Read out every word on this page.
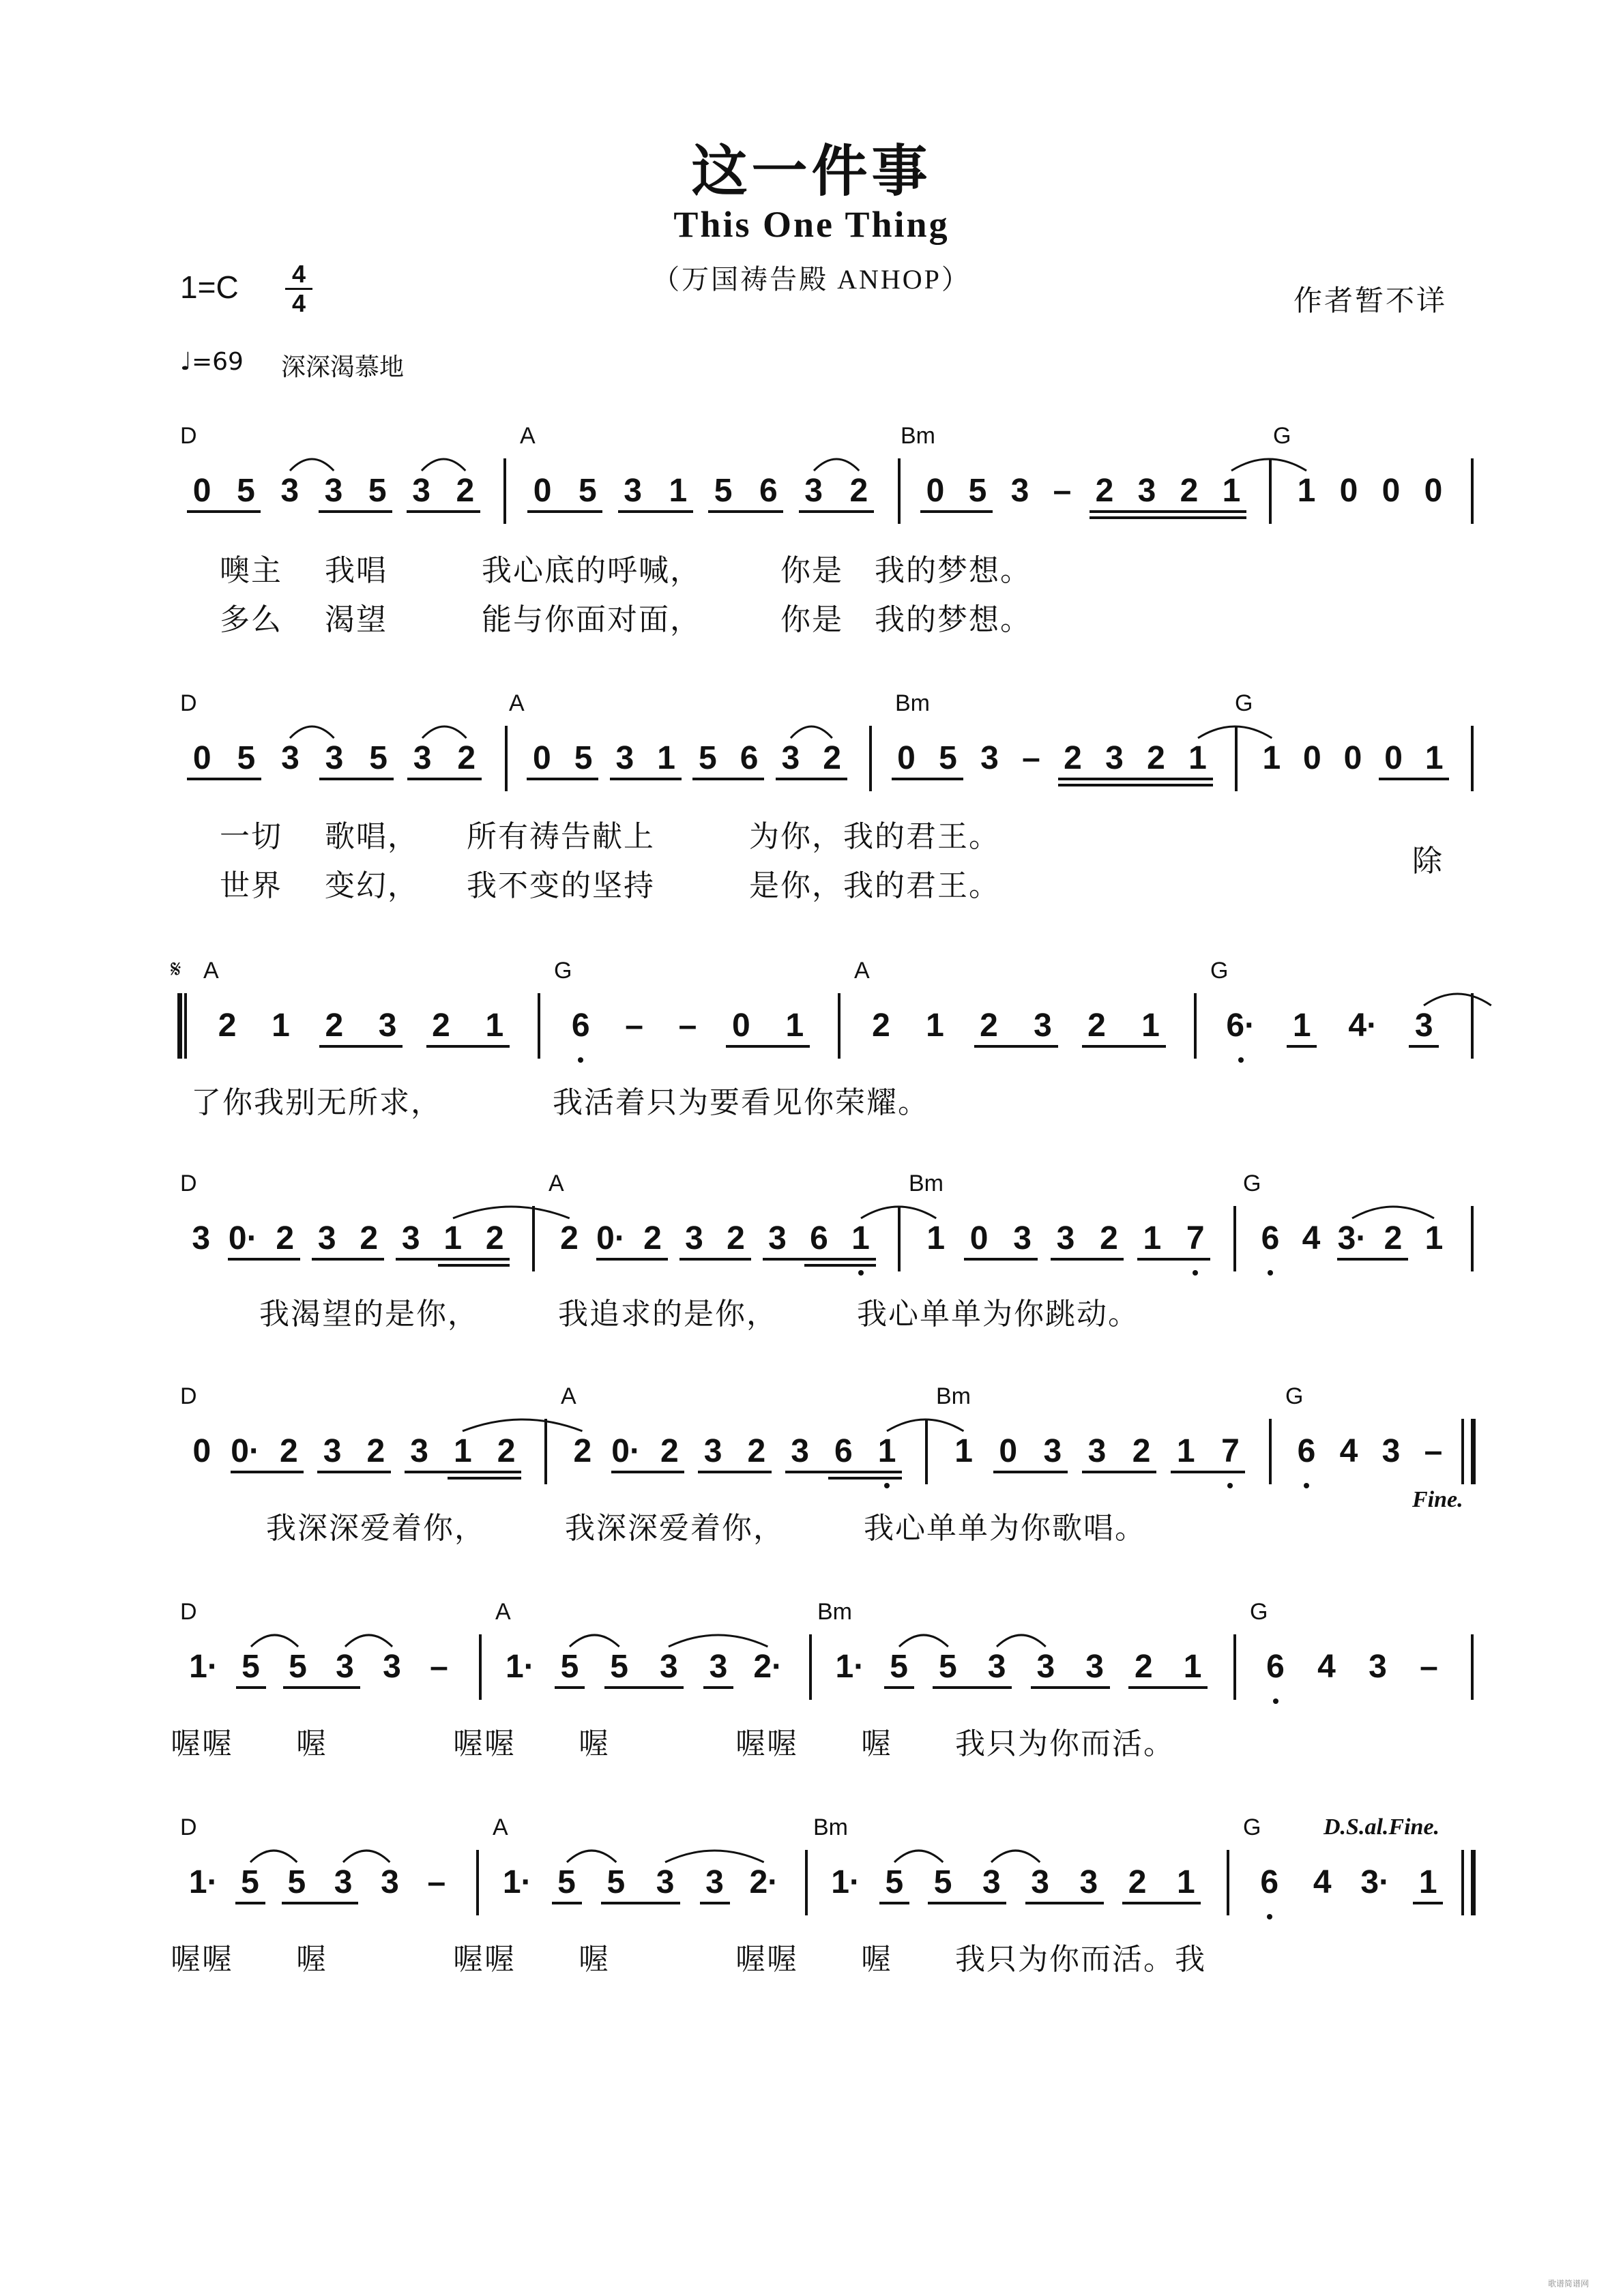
这一件事
This One Thing
（万国祷告殿 ANHOP）
作者暂不详
1=C 4
4
♩=69 深深渴慕地
D	A	Bm	G
0 5 3 3 5 3 2 0 5 3 1 5 6 3 2 0 5 3 – 2 3 2 1 1 0 0 0
噢主　 我唱　　　我心底的呼喊，　　　你是　我的梦想。
多么　 渴望　　　能与你面对面，　　　你是　我的梦想。
D	A	Bm	G
0 5 3 3 5 3 2 0 5 3 1 5 6 3 2 0 5 3 – 2 3 2 1 1 0 0 0 1
一切　 歌唱，　　所有祷告献上　　　为你，我的君王。
世界　 变幻，　　我不变的坚持　　　是你，我的君王。
除
A	G	A	G
𝄋
2 1 2 3 2 1 6 – – 0 1 2 1 2 3 2 1 6· 1 4· 3
了你我别无所求，　　　　我活着只为要看见你荣耀。
D	A	Bm	G
3 0· 2 3 2 3 1 2 2 0· 2 3 2 3 6 1 1 0 3 3 2 1 7 6 4 3· 2 1
我渴望的是你，　　　我追求的是你，　　　我心单单为你跳动。
D	A	Bm	G
Fine.
0 0· 2 3 2 3 1 2 2 0· 2 3 2 3 6 1 1 0 3 3 2 1 7 6 4 3 –
我深深爱着你，　　　我深深爱着你，　　　我心单单为你歌唱。
D	A	Bm	G
1· 5 5 3 3 – 1· 5 5 3 3 2· 1· 5 5 3 3 3 2 1 6 4 3 –
喔喔　　喔　　　　喔喔　　喔　　　　喔喔　　喔　　我只为你而活。
D	A	Bm	G	D.S.al.Fine.
1· 5 5 3 3 – 1· 5 5 3 3 2· 1· 5 5 3 3 3 2 1 6 4 3· 1
喔喔　　喔　　　　喔喔　　喔　　　　喔喔　　喔　　我只为你而活。我
歌谱简谱网
